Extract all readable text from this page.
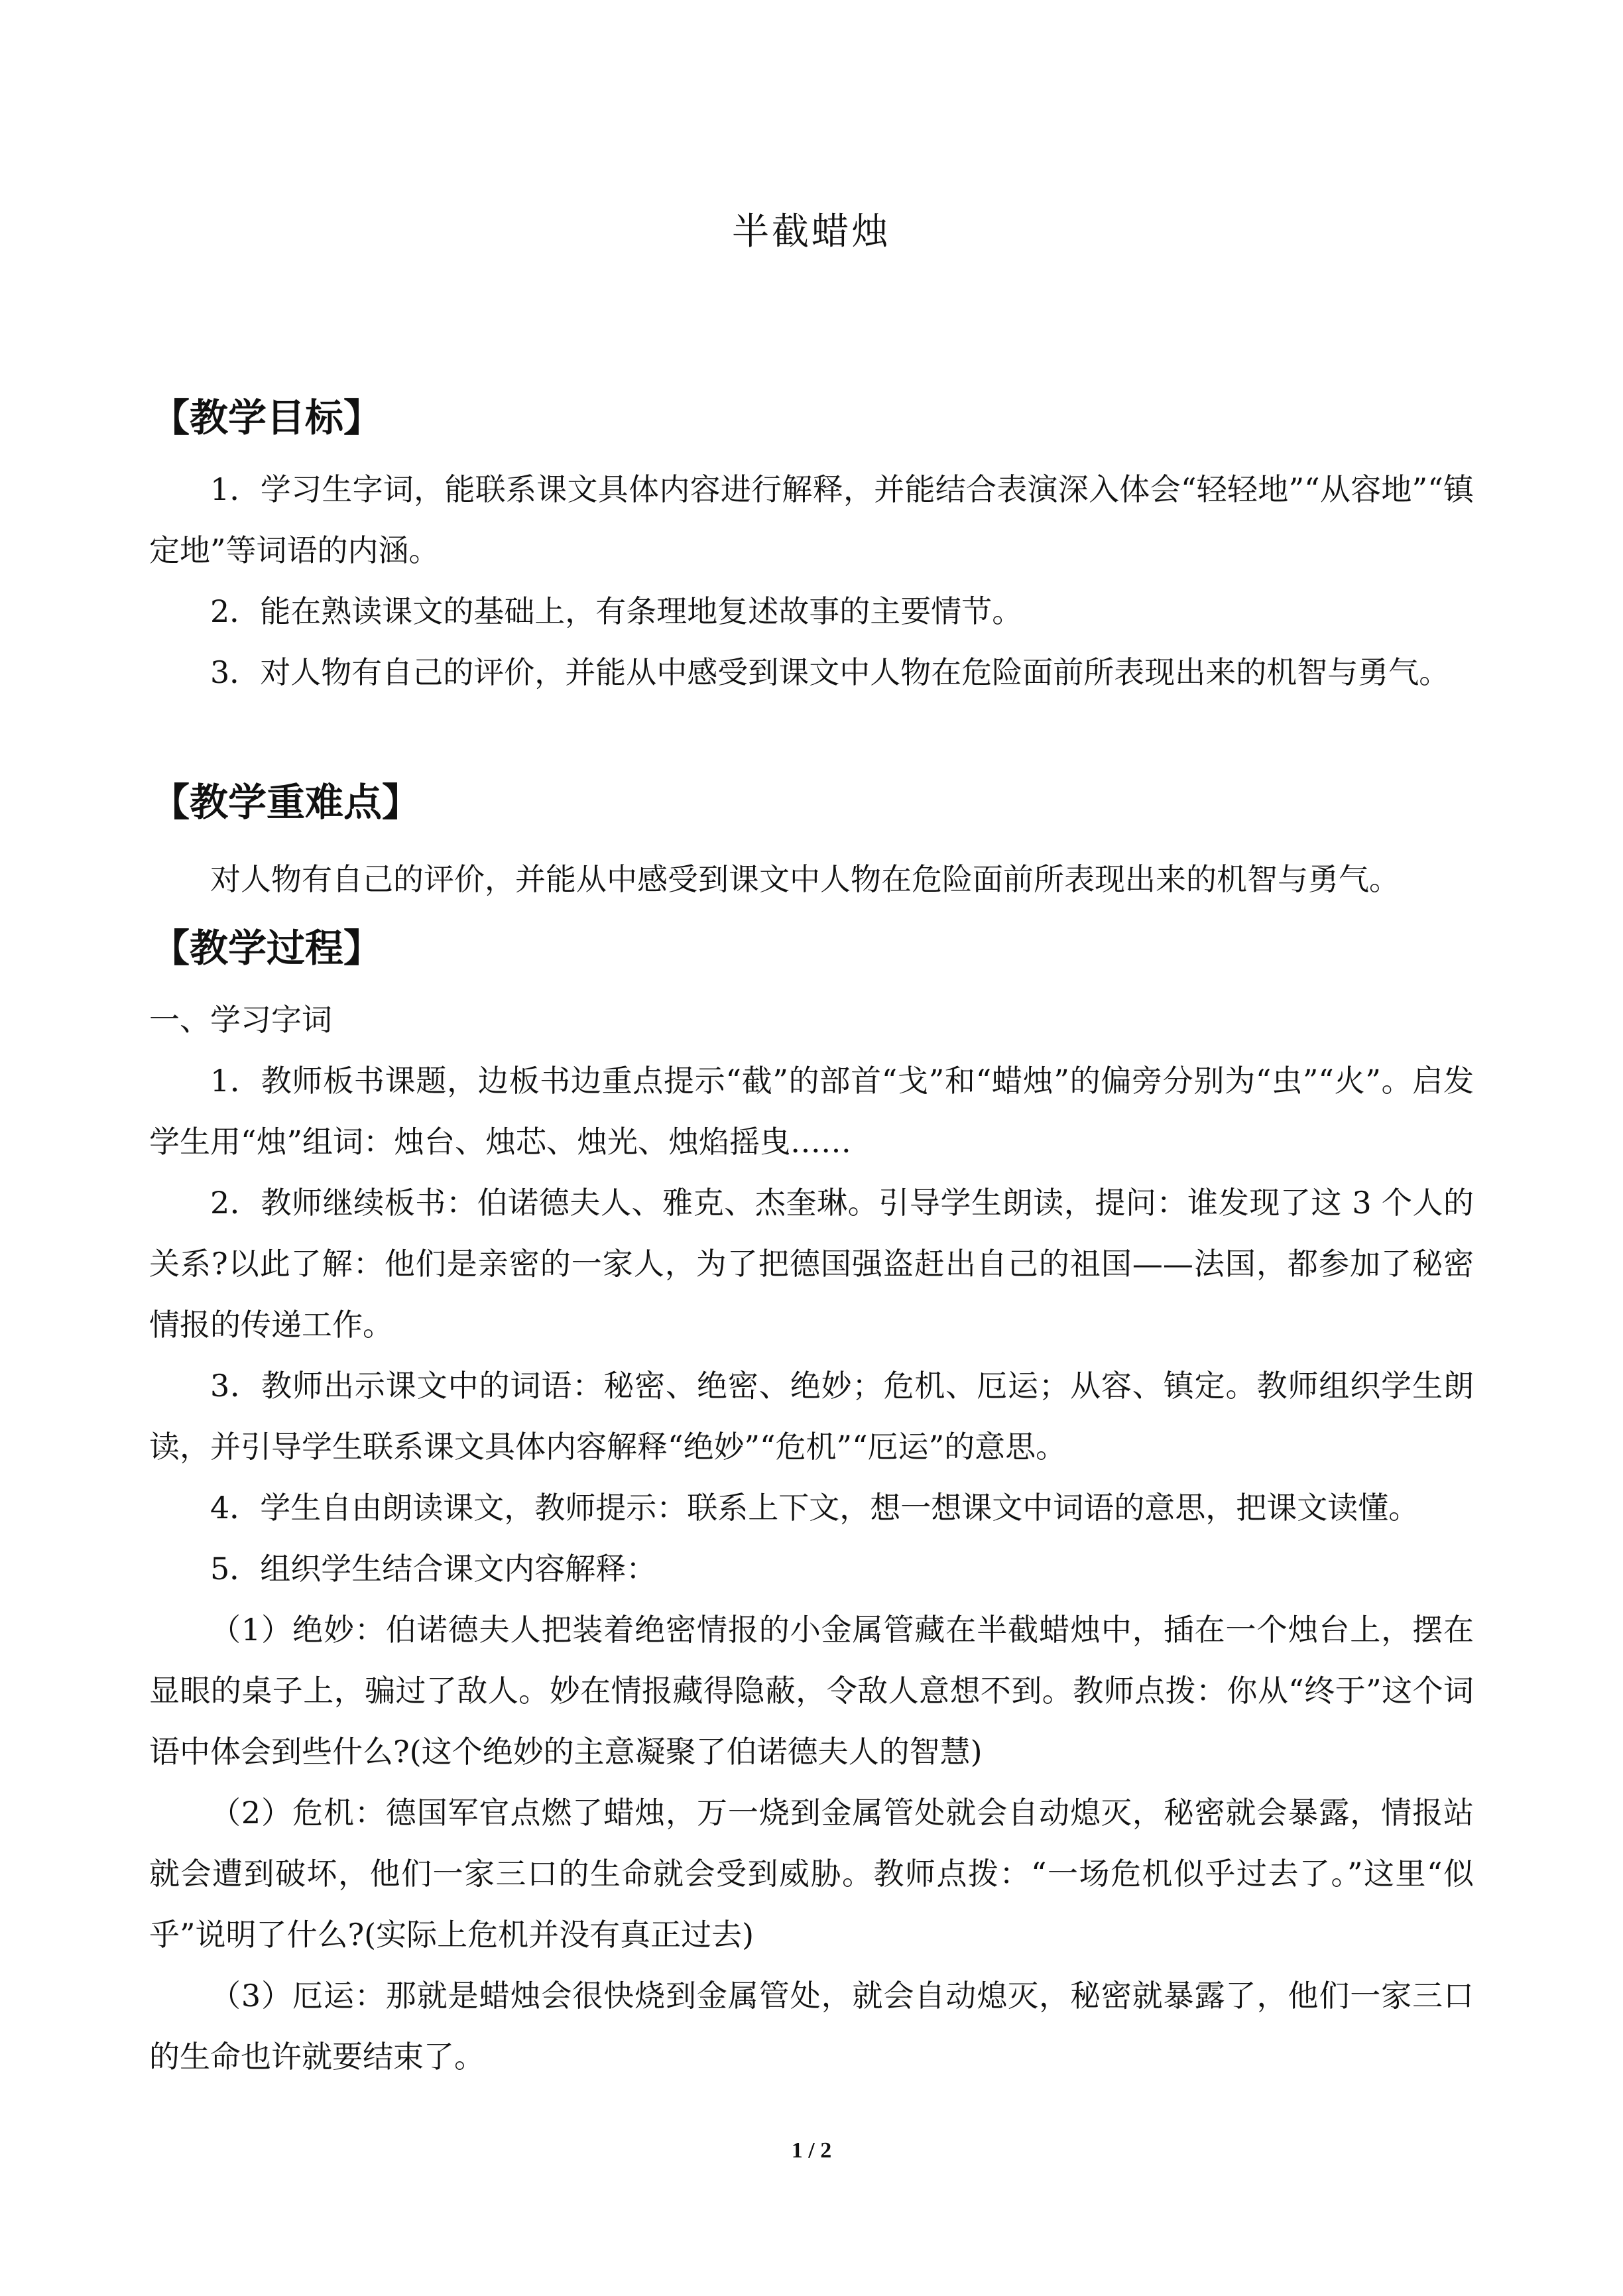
半截蜡烛
【教学目标】

1．学习生字词，能联系课文具体内容进行解释，并能结合表演深入体会“轻轻地”“从容地”“镇定地”等词语的内涵。

2．能在熟读课文的基础上，有条理地复述故事的主要情节。

3．对人物有自己的评价，并能从中感受到课文中人物在危险面前所表现出来的机智与勇气。

【教学重难点】

对人物有自己的评价，并能从中感受到课文中人物在危险面前所表现出来的机智与勇气。

【教学过程】

一、学习字词

1．教师板书课题，边板书边重点提示“截”的部首“戈”和“蜡烛”的偏旁分别为“虫”“火”。启发学生用“烛”组词：烛台、烛芯、烛光、烛焰摇曳……

2．教师继续板书：伯诺德夫人、雅克、杰奎琳。引导学生朗读，提问：谁发现了这 3 个人的关系?以此了解：他们是亲密的一家人，为了把德国强盗赶出自己的祖国——法国，都参加了秘密情报的传递工作。

3．教师出示课文中的词语：秘密、绝密、绝妙；危机、厄运；从容、镇定。教师组织学生朗读，并引导学生联系课文具体内容解释“绝妙”“危机”“厄运”的意思。

4．学生自由朗读课文，教师提示：联系上下文，想一想课文中词语的意思，把课文读懂。

5．组织学生结合课文内容解释：

（1）绝妙：伯诺德夫人把装着绝密情报的小金属管藏在半截蜡烛中，插在一个烛台上，摆在显眼的桌子上，骗过了敌人。妙在情报藏得隐蔽，令敌人意想不到。教师点拨：你从“终于”这个词语中体会到些什么?(这个绝妙的主意凝聚了伯诺德夫人的智慧)

（2）危机：德国军官点燃了蜡烛，万一烧到金属管处就会自动熄灭，秘密就会暴露，情报站就会遭到破坏，他们一家三口的生命就会受到威胁。教师点拨：“一场危机似乎过去了。”这里“似乎”说明了什么?(实际上危机并没有真正过去)

（3）厄运：那就是蜡烛会很快烧到金属管处，就会自动熄灭，秘密就暴露了，他们一家三口的生命也许就要结束了。

1 / 2
